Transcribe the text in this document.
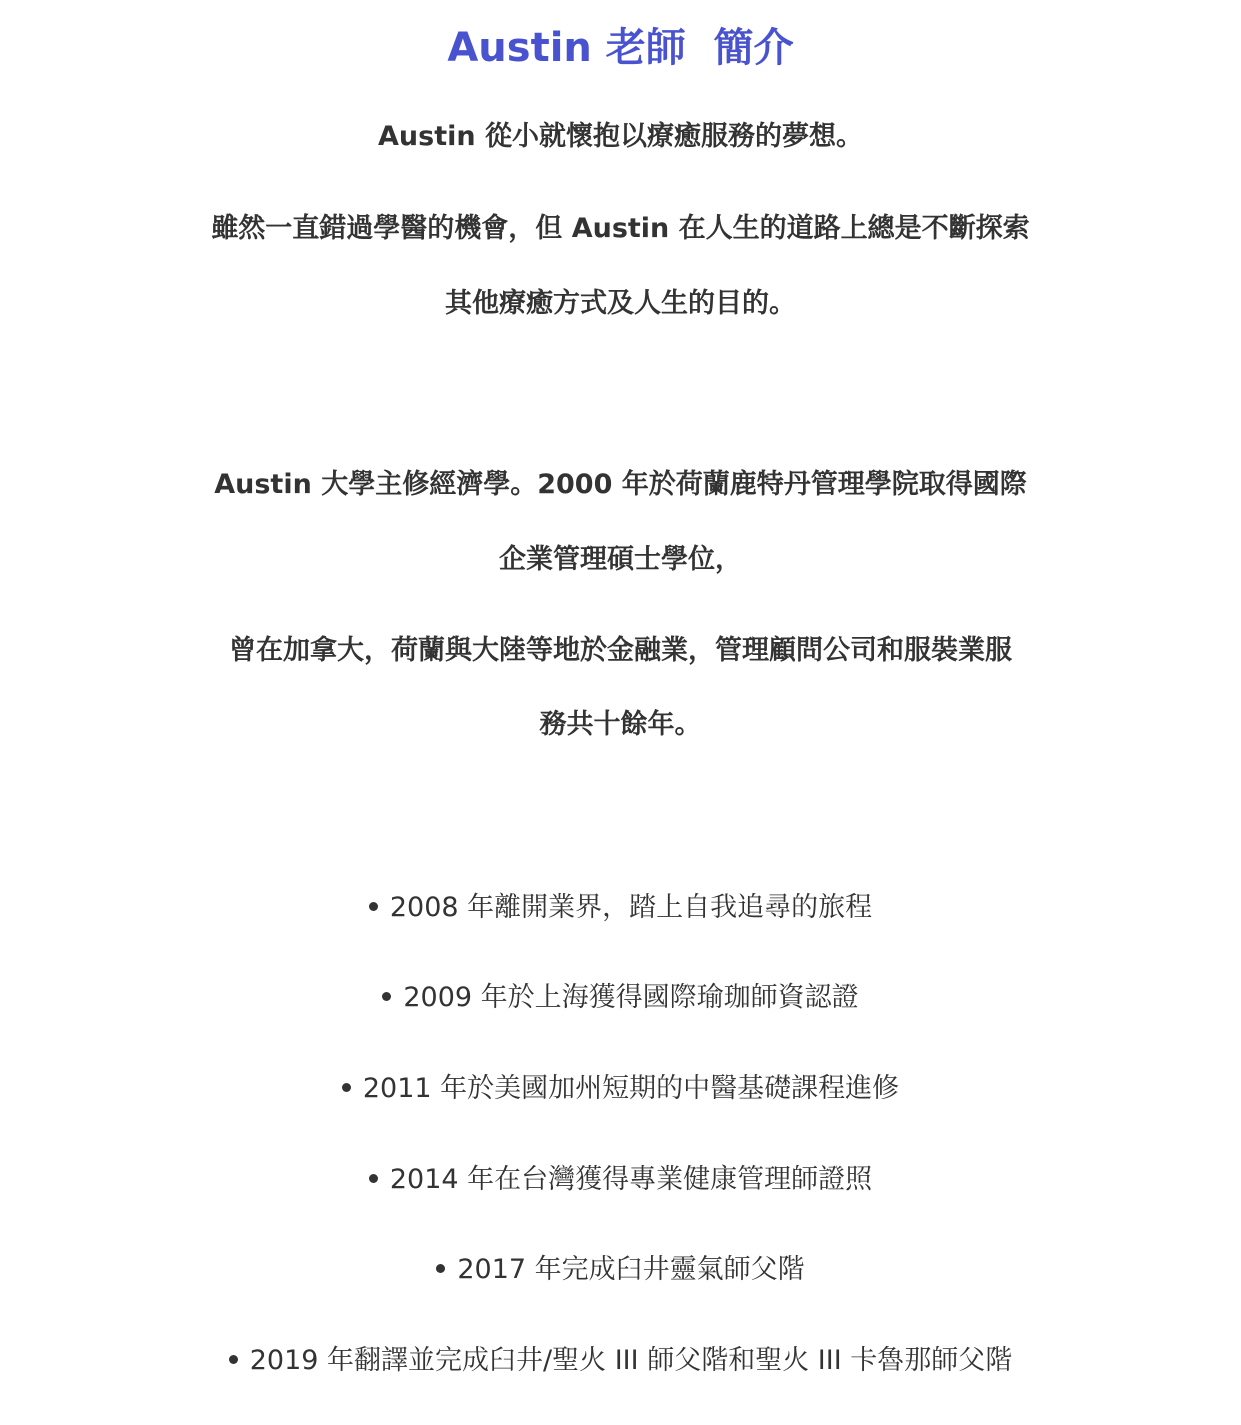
Austin 老師  簡介
Austin 從小就懷抱以療癒服務的夢想。
雖然一直錯過學醫的機會，但 Austin 在人生的道路上總是不斷探索
其他療癒方式及人生的目的。
Austin 大學主修經濟學。2000 年於荷蘭鹿特丹管理學院取得國際
企業管理碩士學位，
曾在加拿大，荷蘭與大陸等地於金融業，管理顧問公司和服裝業服
務共十餘年。
2008 年離開業界，踏上自我追尋的旅程
2009 年於上海獲得國際瑜珈師資認證
2011 年於美國加州短期的中醫基礎課程進修
2014 年在台灣獲得專業健康管理師證照
2017 年完成臼井靈氣師父階
2019 年翻譯並完成臼井/聖火 III 師父階和聖火 III 卡魯那師父階
